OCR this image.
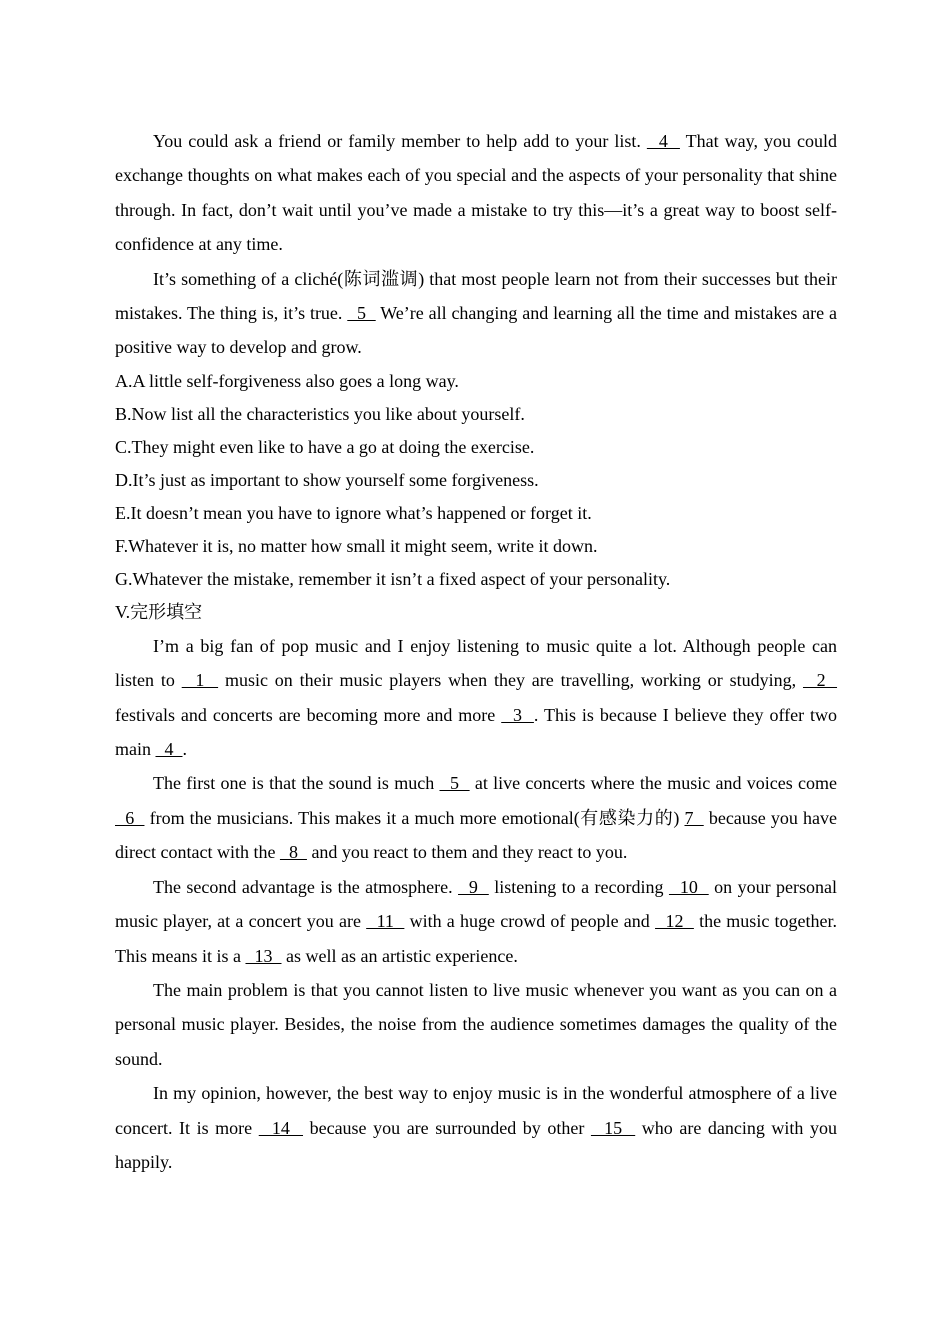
You could ask a friend or family member to help add to your list.   4   That way, you could exchange thoughts on what makes each of you special and the aspects of your personality that shine through. In fact, don’t wait until you’ve made a mistake to try this—it’s a great way to boost self-confidence at any time.

It’s something of a cliché(陈词滥调) that most people learn not from their successes but their mistakes. The thing is, it’s true.   5   We’re all changing and learning all the time and mistakes are a positive way to develop and grow.

A.A little self-forgiveness also goes a long way.

B.Now list all the characteristics you like about yourself.

C.They might even like to have a go at doing the exercise.

D.It’s just as important to show yourself some forgiveness.

E.It doesn’t mean you have to ignore what’s happened or forget it.

F.Whatever it is, no matter how small it might seem, write it down.

G.Whatever the mistake, remember it isn’t a fixed aspect of your personality.

V.完形填空

I’m a big fan of pop music and I enjoy listening to music quite a lot. Although people can listen to   1   music on their music players when they are travelling, working or studying,   2   festivals and concerts are becoming more and more   3  . This is because I believe they offer two main   4  .

The first one is that the sound is much   5   at live concerts where the music and voices come   6   from the musicians. This makes it a much more emotional(有感染力的) 7   because you have direct contact with the   8   and you react to them and they react to you.

The second advantage is the atmosphere.   9   listening to a recording   10   on your personal music player, at a concert you are   11   with a huge crowd of people and   12   the music together. This means it is a   13   as well as an artistic experience.

The main problem is that you cannot listen to live music whenever you want as you can on a personal music player. Besides, the noise from the audience sometimes damages the quality of the sound.

In my opinion, however, the best way to enjoy music is in the wonderful atmosphere of a live concert. It is more   14   because you are surrounded by other   15   who are dancing with you happily.
